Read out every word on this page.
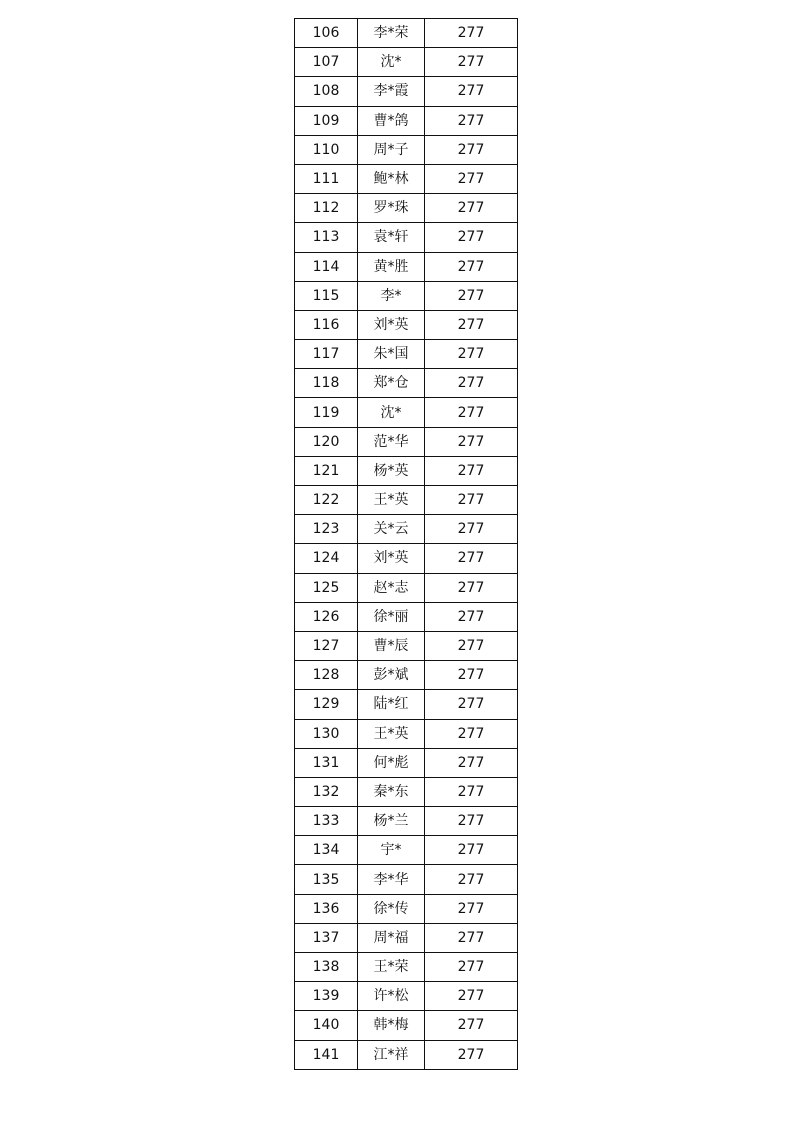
106	李*荣	277
107	沈*	277
108	李*霞	277
109	曹*鸽	277
110	周*子	277
111	鲍*林	277
112	罗*珠	277
113	袁*轩	277
114	黄*胜	277
115	李*	277
116	刘*英	277
117	朱*国	277
118	郑*仓	277
119	沈*	277
120	范*华	277
121	杨*英	277
122	王*英	277
123	关*云	277
124	刘*英	277
125	赵*志	277
126	徐*丽	277
127	曹*辰	277
128	彭*斌	277
129	陆*红	277
130	王*英	277
131	何*彪	277
132	秦*东	277
133	杨*兰	277
134	宇*	277
135	李*华	277
136	徐*传	277
137	周*福	277
138	王*荣	277
139	许*松	277
140	韩*梅	277
141	江*祥	277
